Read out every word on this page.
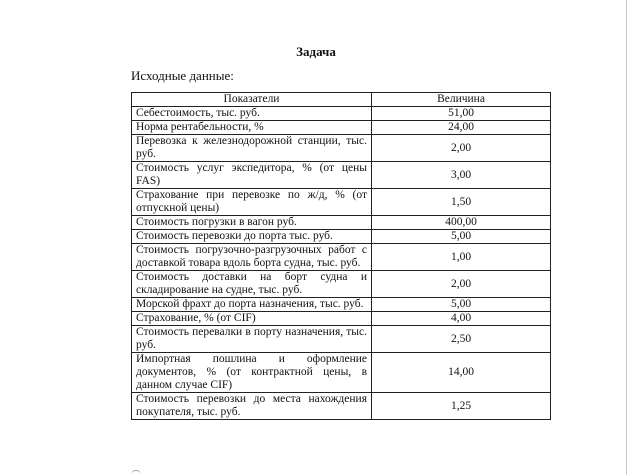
Задача
Исходные данные:
Показатели	Величина
Себестоимость, тыс. руб.	51,00
Норма рентабельности, %	24,00
Перевозка к железнодорожной станции, тыс. руб.	2,00
Стоимость услуг экспедитора, % (от цены FAS)	3,00
Страхование при перевозке по ж/д, % (от отпускной цены)	1,50
Стоимость погрузки в вагон руб.	400,00
Стоимость перевозки до порта тыс. руб.	5,00
Стоимость погрузочно-разгрузочных работ с доставкой товара вдоль борта судна, тыс. руб.	1,00
Стоимость доставки на борт судна и складирование на судне, тыс. руб.	2,00
Морской фрахт до порта назначения, тыс. руб.	5,00
Страхование, % (от CIF)	4,00
Стоимость перевалки в порту назначения, тыс. руб.	2,50
Импортная пошлина и оформление документов, % (от контрактной цены, в данном случае CIF)	14,00
Стоимость перевозки до места нахождения покупателя, тыс. руб.	1,25
